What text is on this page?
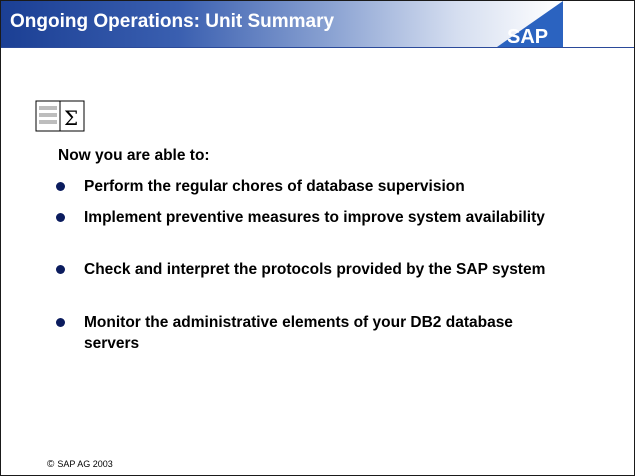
Ongoing Operations: Unit Summary
SAP
Σ
Now you are able to:
Perform the regular chores of database supervision
Implement preventive measures to improve system availability
Check and interpret the protocols provided by the SAP system
Monitor the administrative elements of your DB2 database servers
© SAP AG 2003
